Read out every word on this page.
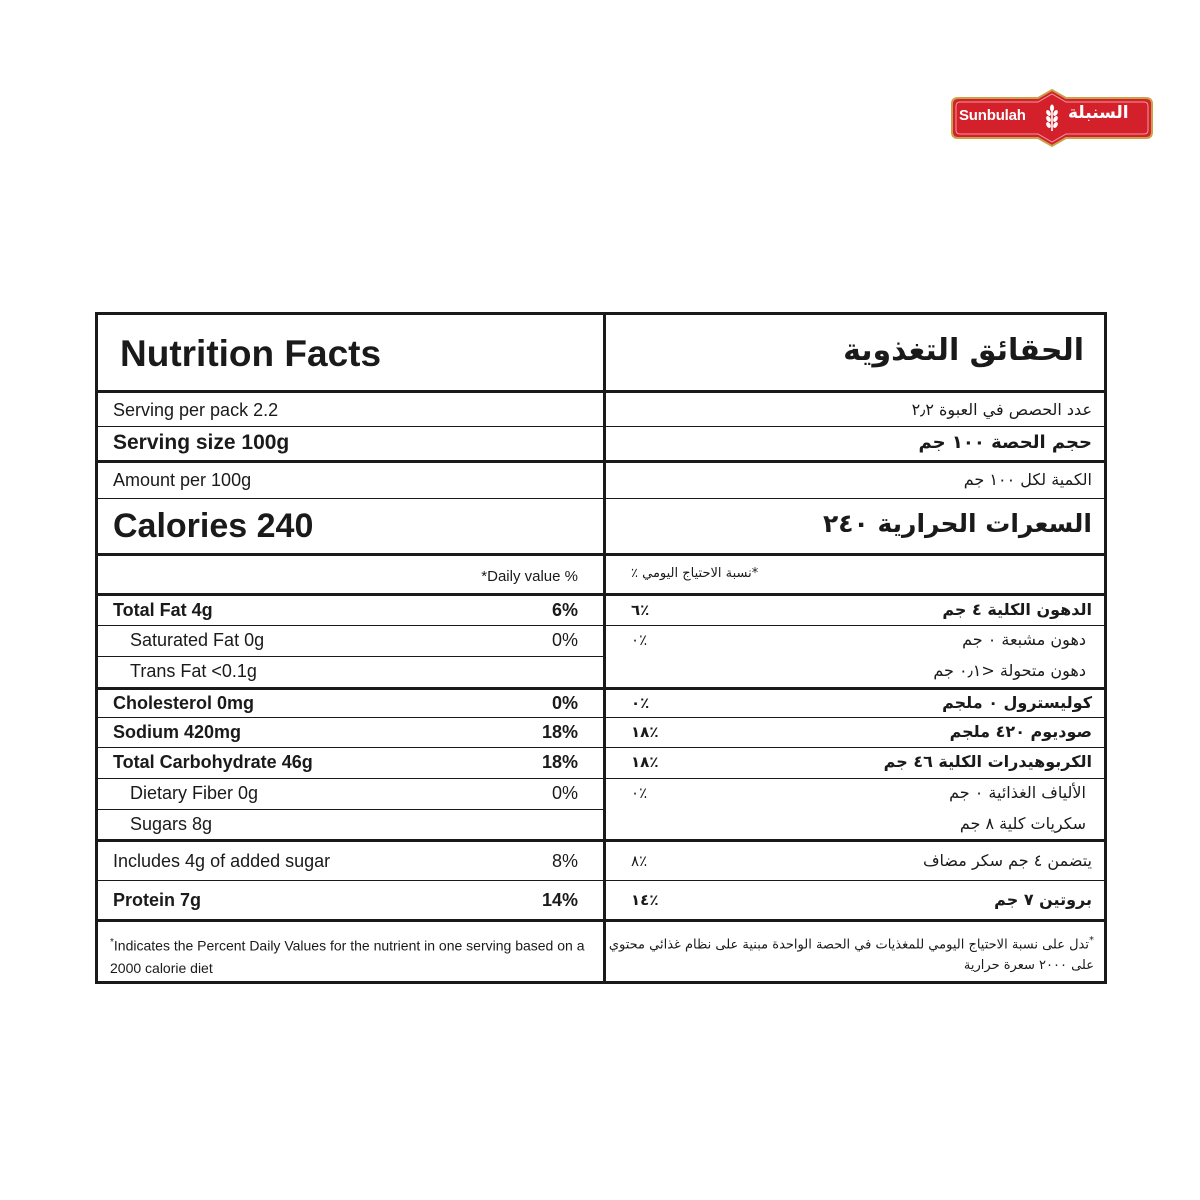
Sunbulah السنبلة
Nutrition Facts	الحقائق التغذوية
Serving per pack 2.2	عدد الحصص في العبوة ٢٫٢
Serving size 100g	حجم الحصة ١٠٠ جم
Amount per 100g	الكمية لكل ١٠٠ جم
Calories 240	السعرات الحرارية ٢٤٠
*Daily value %	*نسبة الاحتياج اليومي ٪
Total Fat 4g	6%	٦٪	الدهون الكلية ٤ جم
Saturated Fat 0g	0%	٠٪	دهون مشبعة ٠ جم
Trans Fat <0.1g	دهون متحولة ‎<٠٫١ جم
Cholesterol 0mg	0%	٠٪	كوليسترول ٠ ملجم
Sodium 420mg	18%	١٨٪	صوديوم ٤٢٠ ملجم
Total Carbohydrate 46g	18%	١٨٪	الكربوهيدرات الكلية ٤٦ جم
Dietary Fiber 0g	0%	٠٪	الألياف الغذائية ٠ جم
Sugars 8g	سكريات كلية ٨ جم
Includes 4g of added sugar	8%	٨٪	يتضمن ٤ جم سكر مضاف
Protein 7g	14%	١٤٪	بروتين ٧ جم
*Indicates the Percent Daily Values for the nutrient in one serving based on a 2000 calorie diet
*تدل على نسبة الاحتياج اليومي للمغذيات في الحصة الواحدة مبنية على نظام غذائي محتوي على ٢٠٠٠ سعرة حرارية
